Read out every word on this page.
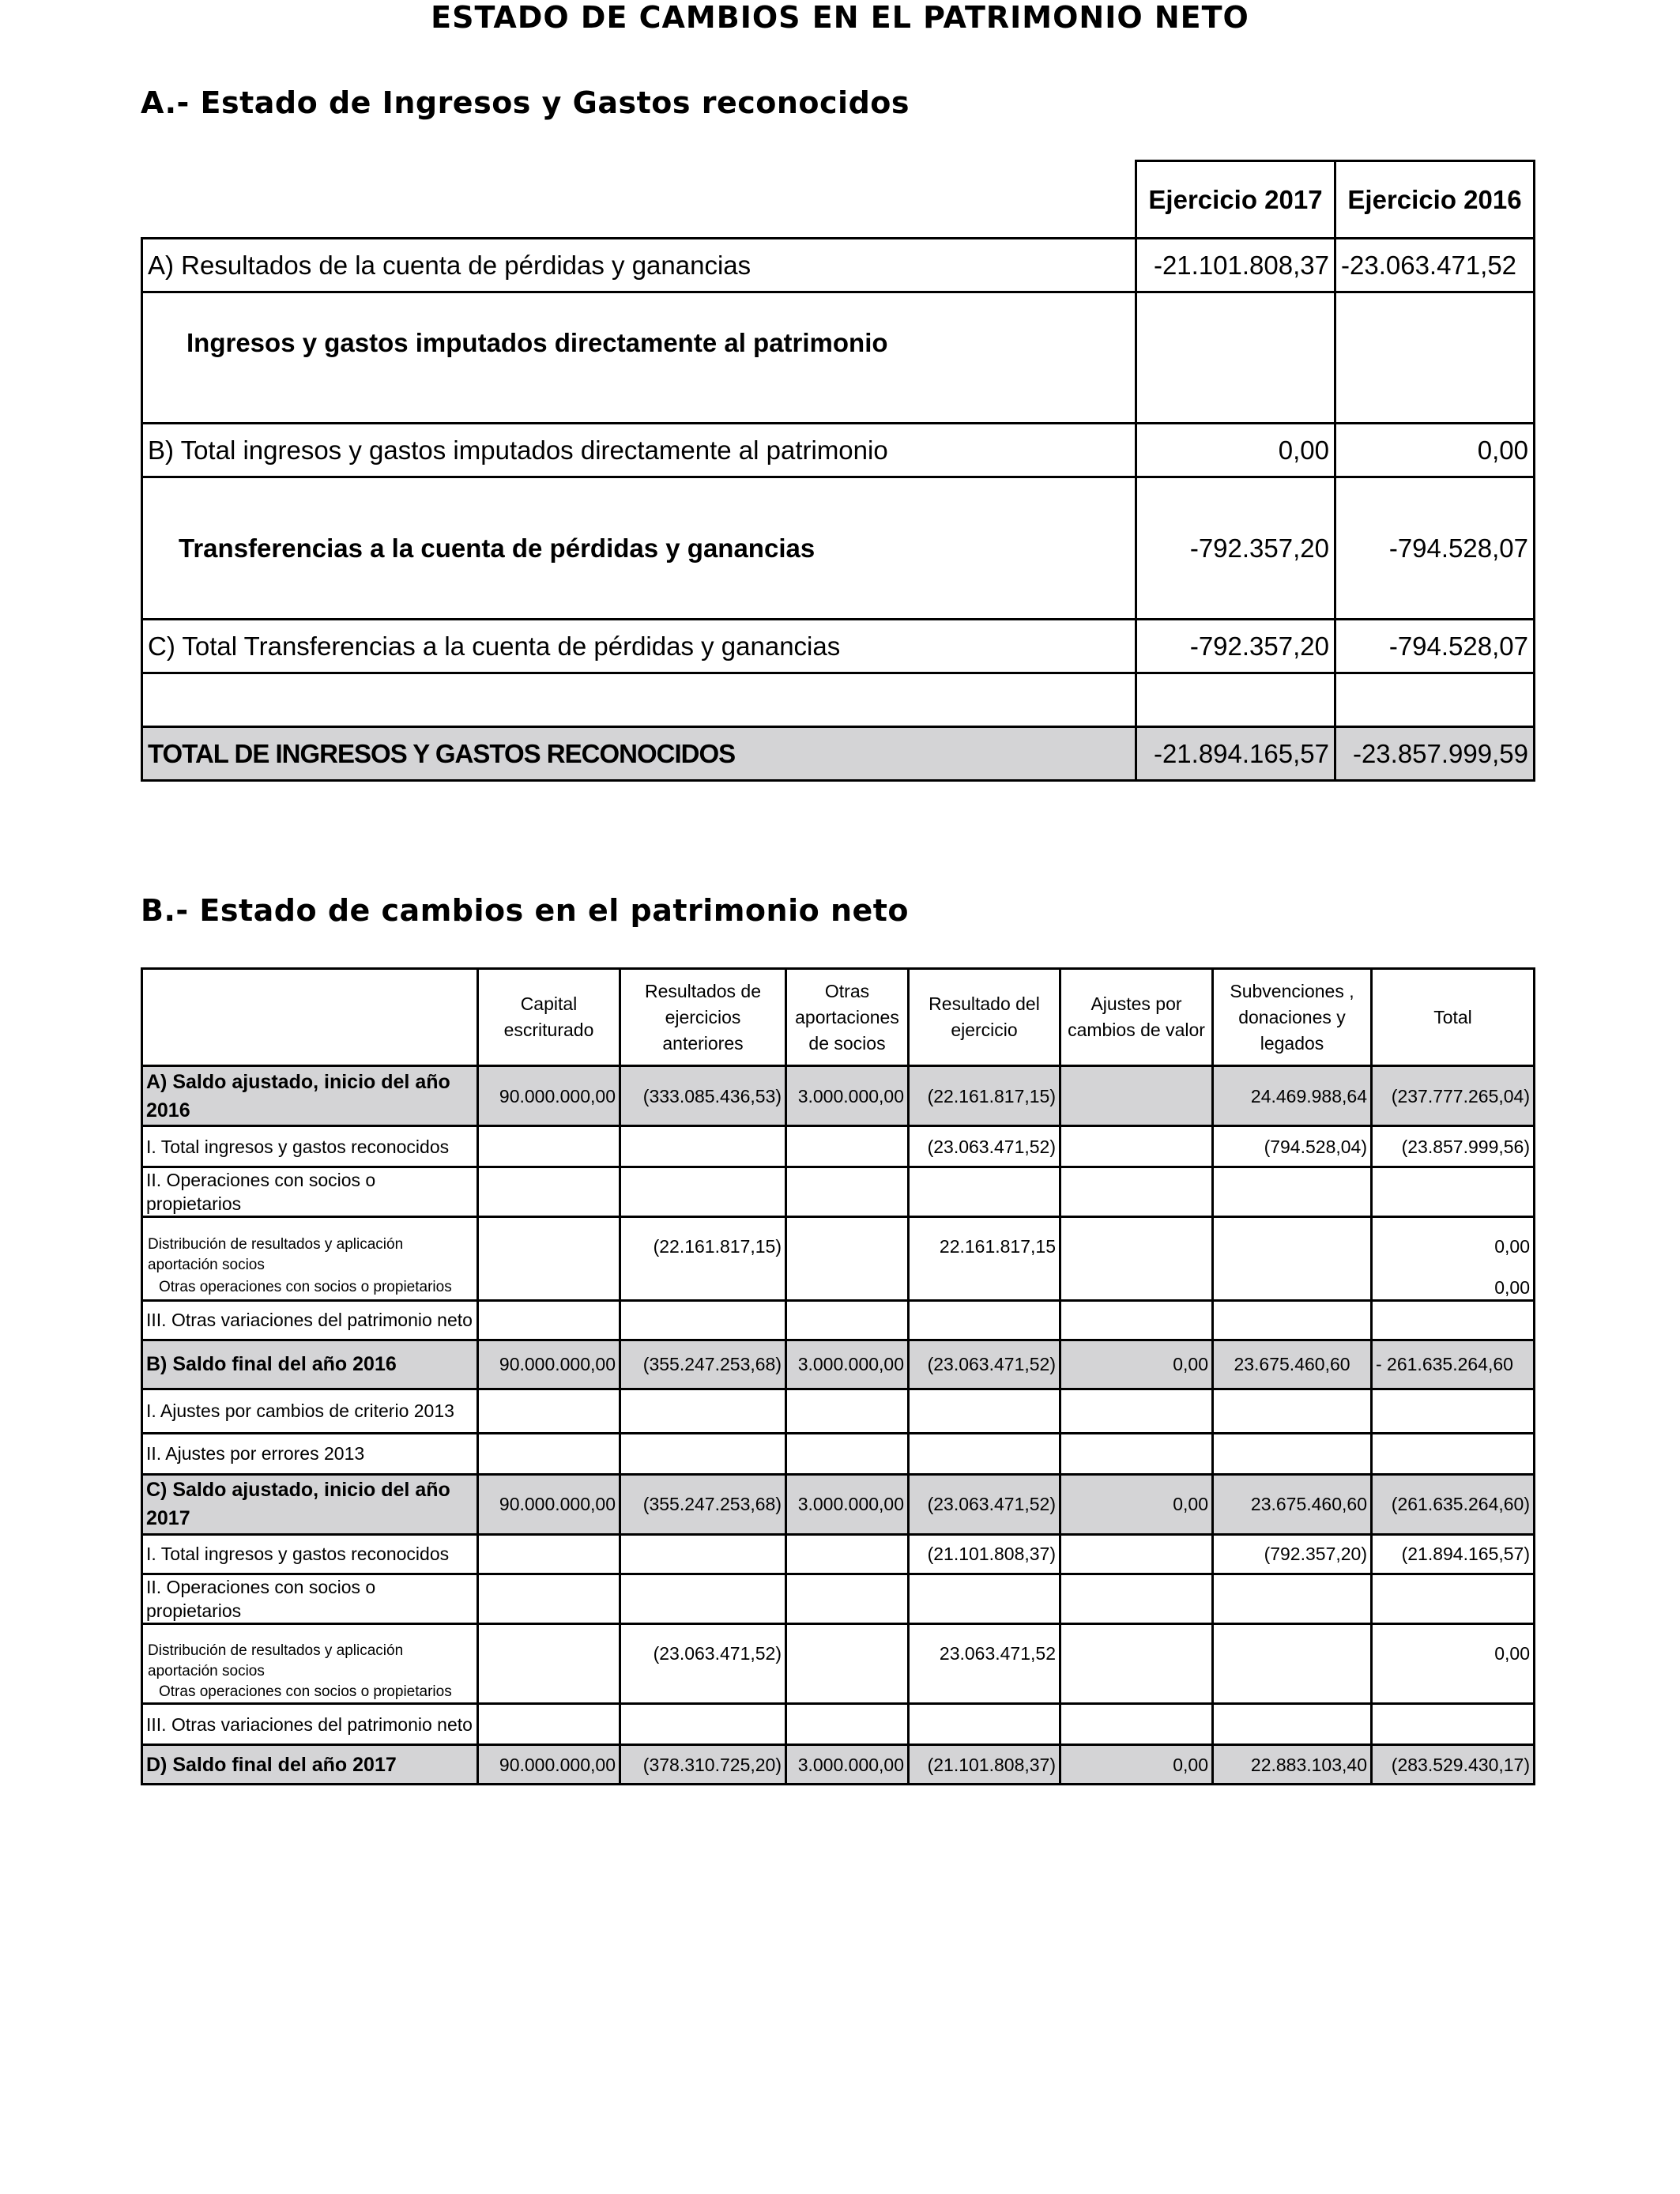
ESTADO DE CAMBIOS EN EL PATRIMONIO NETO
A.- Estado de Ingresos y Gastos reconocidos
	Ejercicio 2017	Ejercicio 2016
A) Resultados de la cuenta de pérdidas y ganancias	-21.101.808,37	-23.063.471,52
Ingresos y gastos imputados directamente al patrimonio		
B) Total ingresos y gastos imputados directamente al patrimonio	0,00	0,00
Transferencias a la cuenta de pérdidas y ganancias	-792.357,20	-794.528,07
C) Total Transferencias a la cuenta de pérdidas y ganancias	-792.357,20	-794.528,07

TOTAL DE INGRESOS Y GASTOS RECONOCIDOS	-21.894.165,57	-23.857.999,59
B.- Estado de cambios en el patrimonio neto
	Capital escriturado	Resultados de ejercicios anteriores	Otras aportaciones de socios	Resultado del ejercicio	Ajustes por cambios de valor	Subvenciones , donaciones y legados	Total
A) Saldo ajustado, inicio del año 2016	90.000.000,00	(333.085.436,53)	3.000.000,00	(22.161.817,15)		24.469.988,64	(237.777.265,04)
I. Total ingresos y gastos reconocidos				(23.063.471,52)		(794.528,04)	(23.857.999,56)
II. Operaciones con socios o propietarios							
Distribución de resultados y aplicación aportación socios		(22.161.817,15)		22.161.817,15			0,00
Otras operaciones con socios o propietarios							0,00
III. Otras variaciones del patrimonio neto							
B) Saldo final del año 2016	90.000.000,00	(355.247.253,68)	3.000.000,00	(23.063.471,52)	0,00	23.675.460,60	- 261.635.264,60
I. Ajustes por cambios de criterio 2013							
II. Ajustes por errores 2013							
C) Saldo ajustado, inicio del año 2017	90.000.000,00	(355.247.253,68)	3.000.000,00	(23.063.471,52)	0,00	23.675.460,60	(261.635.264,60)
I. Total ingresos y gastos reconocidos				(21.101.808,37)		(792.357,20)	(21.894.165,57)
II. Operaciones con socios o propietarios							
Distribución de resultados y aplicación aportación socios		(23.063.471,52)		23.063.471,52			0,00
Otras operaciones con socios o propietarios							
III. Otras variaciones del patrimonio neto							
D) Saldo final del año 2017	90.000.000,00	(378.310.725,20)	3.000.000,00	(21.101.808,37)	0,00	22.883.103,40	(283.529.430,17)
